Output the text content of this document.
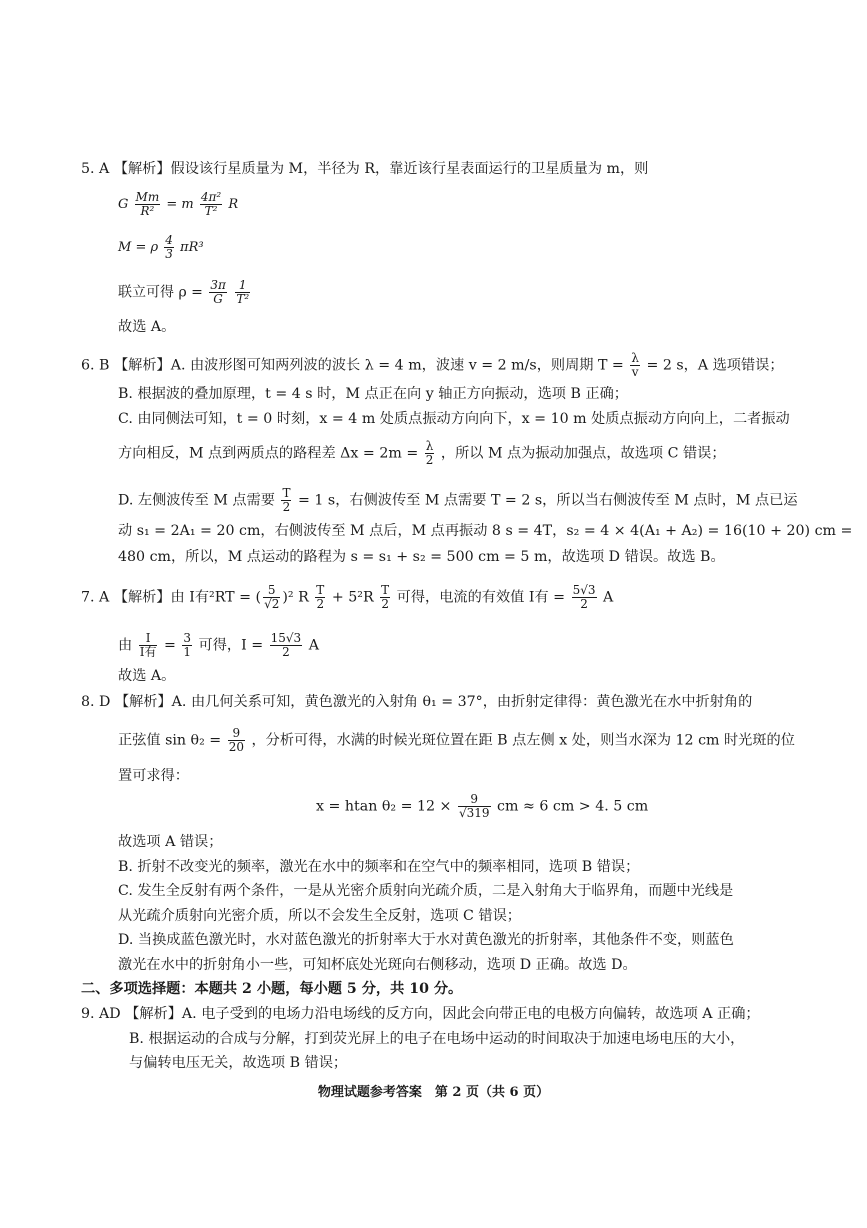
5. A 【解析】假设该行星质量为 M，半径为 R，靠近该行星表面运行的卫星质量为 m，则
G $\frac{Mm}{\text{R²}} = m \frac{\text{4π²}}{\text{T²}}$ R
M = ρ $\frac{4}{3} \pi R^3$
联立可得 $\rho = \frac{3\pi}{G}$
$\frac{1}{\text{T²}}$
故选 A。
6. B 【解析】A. 由波形图可知两列波的波长 λ = 4 m，波速 v = 2 m/s，则周期 $T = \frac{\lambda}{v} = 2$ s，A 选项错误；
B. 根据波的叠加原理，t = 4 s 时，M 点正在向 y 轴正方向振动，选项 B 正确；
C. 由同侧法可知，t = 0 时刻，x = 4 m 处质点振动方向向下，x = 10 m 处质点振动方向向上，二者振动
方向相反，M 点到两质点的路程差 $\Delta x = 2m = \frac{\lambda}{2}$ ，所以 M 点为振动加强点，故选项 C 错误；
D. 左侧波传至 M 点需要 $\frac{T}{2} = 1$ s，右侧波传至 M 点需要 T = 2 s，所以当右侧波传至 M 点时，M 点已运
动 s₁ = 2A₁ = 20 cm，右侧波传至 M 点后，M 点再振动 8 s = 4T，s₂ = 4 × 4(A₁ + A₂) = 16(10 + 20) cm =
480 cm，所以，M 点运动的路程为 s = s₁ + s₂ = 500 cm = 5 m，故选项 D 错误。故选 B。
7. A 【解析】由 I有²RT = ( $\frac{5}{√2} )^2$ R $\frac{T}{2} + 5^2R \frac{T}{2}$ 可得，电流的有效值 I有 = $\frac{5√3}{2}$ A
由 $\frac{I}{\text{I有}} = \frac{3}{1}$ 可得，$I = \frac{15√3}{2}$ A
故选 A。
8. D 【解析】A. 由几何关系可知，黄色激光的入射角 θ₁ = 37°，由折射定律得：黄色激光在水中折射角的
正弦值 $\sin \theta_2 = \frac{9}{20}$ ，分析可得，水满的时候光斑位置在距 B 点左侧 x 处，则当水深为 12 cm 时光斑的位
置可求得：
x = htan $\theta_2 = 12 \times \frac{9}{√319}$ cm ≈ 6 cm > 4. 5 cm
故选项 A 错误；
B. 折射不改变光的频率，激光在水中的频率和在空气中的频率相同，选项 B 错误；
C. 发生全反射有两个条件，一是从光密介质射向光疏介质，二是入射角大于临界角，而题中光线是
从光疏介质射向光密介质，所以不会发生全反射，选项 C 错误；
D. 当换成蓝色激光时，水对蓝色激光的折射率大于水对黄色激光的折射率，其他条件不变，则蓝色
激光在水中的折射角小一些，可知杯底处光斑向右侧移动，选项 D 正确。故选 D。
二、多项选择题：本题共 2 小题，每小题 5 分，共 10 分。
9. AD 【解析】A. 电子受到的电场力沿电场线的反方向，因此会向带正电的电极方向偏转，故选项 A 正确；
B. 根据运动的合成与分解，打到荧光屏上的电子在电场中运动的时间取决于加速电场电压的大小，
与偏转电压无关，故选项 B 错误；
物理试题参考答案　第 2 页（共 6 页）
